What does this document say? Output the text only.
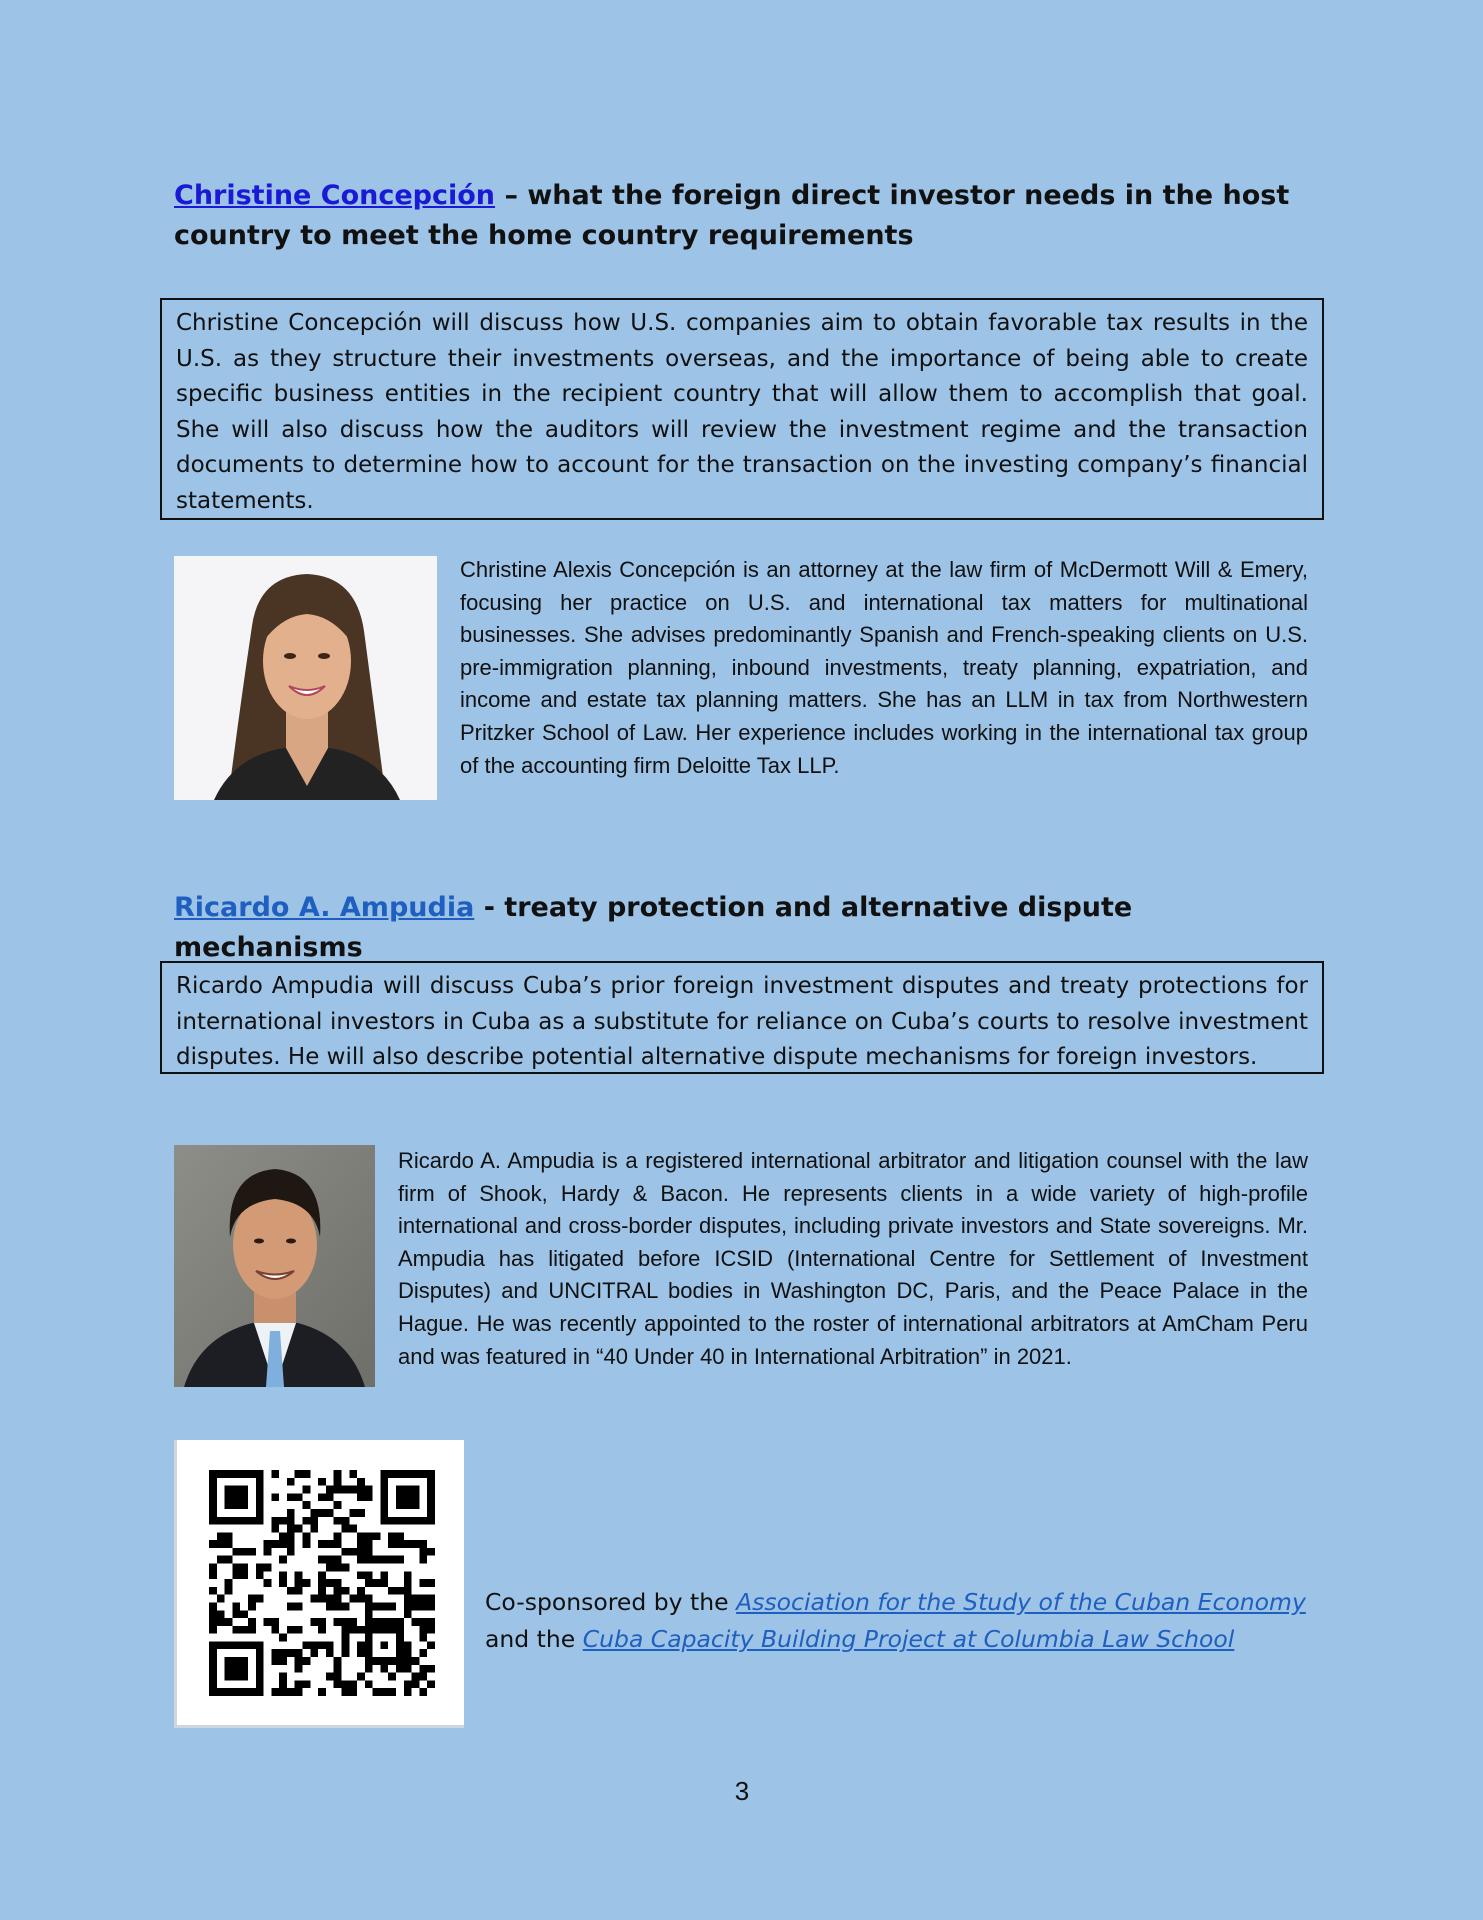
Christine Concepción – what the foreign direct investor needs in the host country to meet the home country requirements
Christine Concepción will discuss how U.S. companies aim to obtain favorable tax results in the U.S. as they structure their investments overseas, and the importance of being able to create specific business entities in the recipient country that will allow them to accomplish that goal. She will also discuss how the auditors will review the investment regime and the transaction documents to determine how to account for the transaction on the investing company’s financial statements.
Christine Alexis Concepción is an attorney at the law firm of McDermott Will & Emery, focusing her practice on U.S. and international tax matters for multinational businesses. She advises predominantly Spanish and French-speaking clients on U.S. pre-immigration planning, inbound investments, treaty planning, expatriation, and income and estate tax planning matters. She has an LLM in tax from Northwestern Pritzker School of Law. Her experience includes working in the international tax group of the accounting firm Deloitte Tax LLP.
Ricardo A. Ampudia - treaty protection and alternative dispute mechanisms
Ricardo Ampudia will discuss Cuba’s prior foreign investment disputes and treaty protections for international investors in Cuba as a substitute for reliance on Cuba’s courts to resolve investment disputes. He will also describe potential alternative dispute mechanisms for foreign investors.
Ricardo A. Ampudia is a registered international arbitrator and litigation counsel with the law firm of Shook, Hardy & Bacon. He represents clients in a wide variety of high-profile international and cross-border disputes, including private investors and State sovereigns. Mr. Ampudia has litigated before ICSID (International Centre for Settlement of Investment Disputes) and UNCITRAL bodies in Washington DC, Paris, and the Peace Palace in the Hague. He was recently appointed to the roster of international arbitrators at AmCham Peru and was featured in “40 Under 40 in International Arbitration” in 2021.
Co-sponsored by the Association for the Study of the Cuban Economy
and the Cuba Capacity Building Project at Columbia Law School
3
